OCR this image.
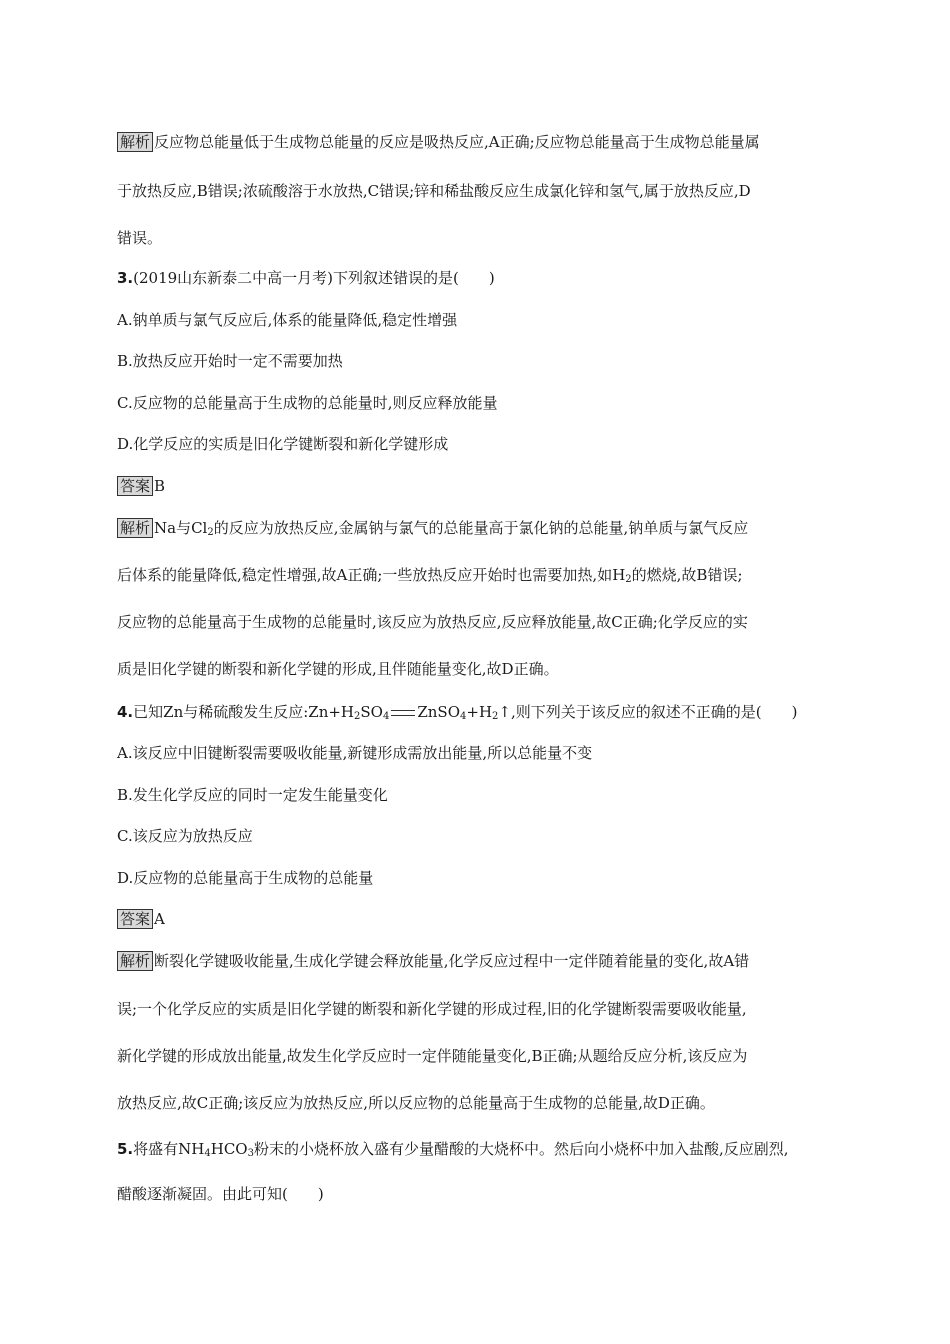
解析 反应物总能量低于生成物总能量的反应是吸热反应,A正确;反应物总能量高于生成物总能量属
于放热反应,B错误;浓硫酸溶于水放热,C错误;锌和稀盐酸反应生成氯化锌和氢气,属于放热反应,D
错误。
3.(2019山东新泰二中高一月考)下列叙述错误的是(　　)
A.钠单质与氯气反应后,体系的能量降低,稳定性增强
B.放热反应开始时一定不需要加热
C.反应物的总能量高于生成物的总能量时,则反应释放能量
D.化学反应的实质是旧化学键断裂和新化学键形成
答案 B
解析 Na与$Cl_2$的反应为放热反应,金属钠与氯气的总能量高于氯化钠的总能量,钠单质与氯气反应
后体系的能量降低,稳定性增强,故A正确;一些放热反应开始时也需要加热,如$H_2$的燃烧,故B错误;
反应物的总能量高于生成物的总能量时,该反应为放热反应,反应释放能量,故C正确;化学反应的实
质是旧化学键的断裂和新化学键的形成,且伴随能量变化,故D正确。
4.已知Zn与稀硫酸发生反应$:Zn+H_2SO_4$ $ZnSO_4+H_2↑$,则下列关于该反应的叙述不正确的是(　　)
A.该反应中旧键断裂需要吸收能量,新键形成需放出能量,所以总能量不变
B.发生化学反应的同时一定发生能量变化
C.该反应为放热反应
D.反应物的总能量高于生成物的总能量
答案 A
解析 断裂化学键吸收能量,生成化学键会释放能量,化学反应过程中一定伴随着能量的变化,故A错
误;一个化学反应的实质是旧化学键的断裂和新化学键的形成过程,旧的化学键断裂需要吸收能量,
新化学键的形成放出能量,故发生化学反应时一定伴随能量变化,B正确;从题给反应分析,该反应为
放热反应,故C正确;该反应为放热反应,所以反应物的总能量高于生成物的总能量,故D正确。
5.将盛有$NH_4HCO_3$粉末的小烧杯放入盛有少量醋酸的大烧杯中。然后向小烧杯中加入盐酸,反应剧烈,
醋酸逐渐凝固。由此可知(　　)
